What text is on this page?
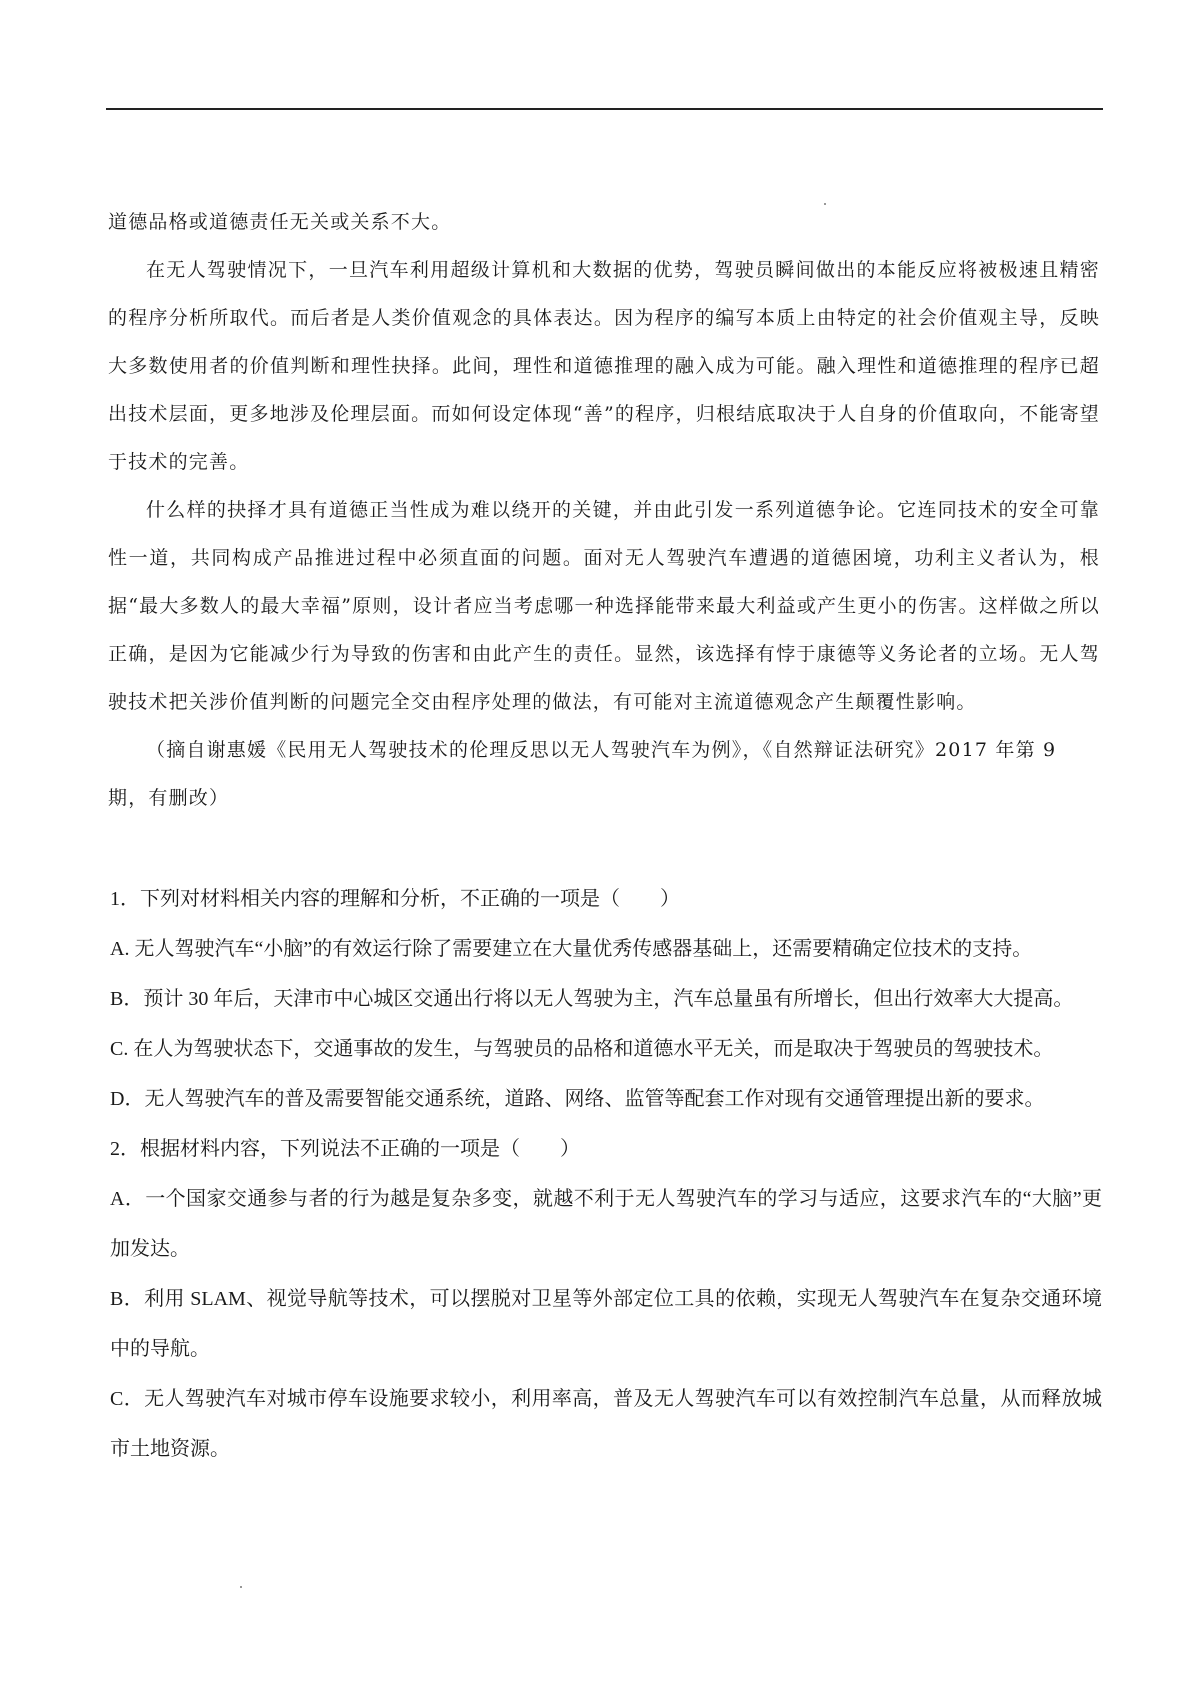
道德品格或道德责任无关或关系不大。

在无人驾驶情况下，一旦汽车利用超级计算机和大数据的优势，驾驶员瞬间做出的本能反应将被极速且精密的程序分析所取代。而后者是人类价值观念的具体表达。因为程序的编写本质上由特定的社会价值观主导，反映大多数使用者的价值判断和理性抉择。此间，理性和道德推理的融入成为可能。融入理性和道德推理的程序已超出技术层面，更多地涉及伦理层面。而如何设定体现“善”的程序，归根结底取决于人自身的价值取向，不能寄望于技术的完善。

什么样的抉择才具有道德正当性成为难以绕开的关键，并由此引发一系列道德争论。它连同技术的安全可靠性一道，共同构成产品推进过程中必须直面的问题。面对无人驾驶汽车遭遇的道德困境，功利主义者认为，根据“最大多数人的最大幸福”原则，设计者应当考虑哪一种选择能带来最大利益或产生更小的伤害。这样做之所以正确，是因为它能减少行为导致的伤害和由此产生的责任。显然，该选择有悖于康德等义务论者的立场。无人驾驶技术把关涉价值判断的问题完全交由程序处理的做法，有可能对主流道德观念产生颠覆性影响。

（摘自谢惠媛《民用无人驾驶技术的伦理反思以无人驾驶汽车为例》，《自然辩证法研究》2017 年第 9

期，有删改）

1．下列对材料相关内容的理解和分析，不正确的一项是（　　）

A. 无人驾驶汽车“小脑”的有效运行除了需要建立在大量优秀传感器基础上，还需要精确定位技术的支持。

B．预计 30 年后，天津市中心城区交通出行将以无人驾驶为主，汽车总量虽有所增长，但出行效率大大提高。

C. 在人为驾驶状态下，交通事故的发生，与驾驶员的品格和道德水平无关，而是取决于驾驶员的驾驶技术。

D．无人驾驶汽车的普及需要智能交通系统，道路、网络、监管等配套工作对现有交通管理提出新的要求。

2．根据材料内容，下列说法不正确的一项是（　　）

A．一个国家交通参与者的行为越是复杂多变，就越不利于无人驾驶汽车的学习与适应，这要求汽车的“大脑”更加发达。

B．利用 SLAM、视觉导航等技术，可以摆脱对卫星等外部定位工具的依赖，实现无人驾驶汽车在复杂交通环境中的导航。

C．无人驾驶汽车对城市停车设施要求较小，利用率高，普及无人驾驶汽车可以有效控制汽车总量，从而释放城市土地资源。
